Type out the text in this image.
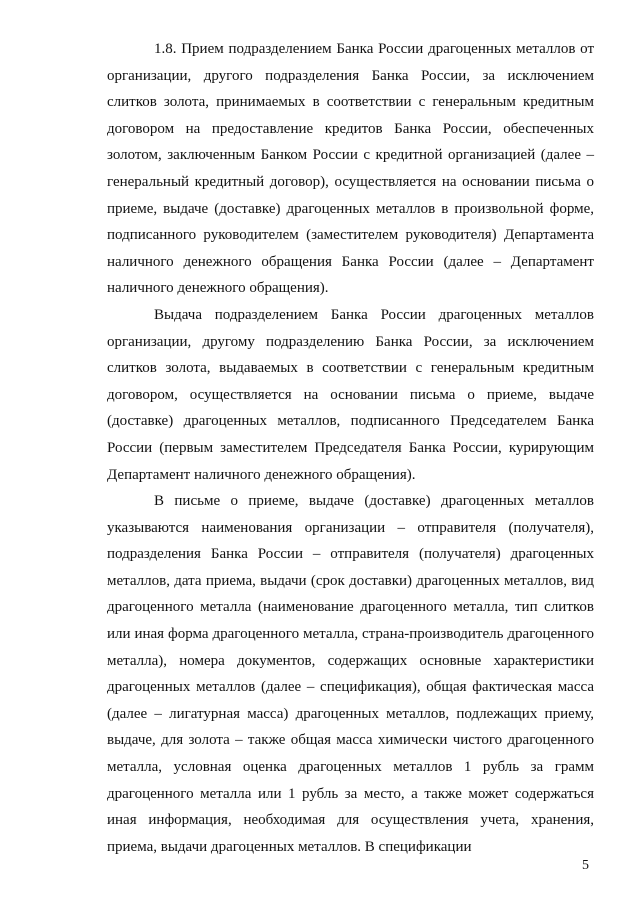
1.8. Прием подразделением Банка России драгоценных металлов от организации, другого подразделения Банка России, за исключением слитков золота, принимаемых в соответствии с генеральным кредитным договором на предоставление кредитов Банка России, обеспеченных золотом, заключенным Банком России с кредитной организацией (далее – генеральный кредитный договор), осуществляется на основании письма о приеме, выдаче (доставке) драгоценных металлов в произвольной форме, подписанного руководителем (заместителем руководителя) Департамента наличного денежного обращения Банка России (далее – Департамент наличного денежного обращения).

Выдача подразделением Банка России драгоценных металлов организации, другому подразделению Банка России, за исключением слитков золота, выдаваемых в соответствии с генеральным кредитным договором, осуществляется на основании письма о приеме, выдаче (доставке) драгоценных металлов, подписанного Председателем Банка России (первым заместителем Председателя Банка России, курирующим Департамент наличного денежного обращения).

В письме о приеме, выдаче (доставке) драгоценных металлов указываются наименования организации – отправителя (получателя), подразделения Банка России – отправителя (получателя) драгоценных металлов, дата приема, выдачи (срок доставки) драгоценных металлов, вид драгоценного металла (наименование драгоценного металла, тип слитков или иная форма драгоценного металла, страна-производитель драгоценного металла), номера документов, содержащих основные характеристики драгоценных металлов (далее – спецификация), общая фактическая масса (далее – лигатурная масса) драгоценных металлов, подлежащих приему, выдаче, для золота – также общая масса химически чистого драгоценного металла, условная оценка драгоценных металлов 1 рубль за грамм драгоценного металла или 1 рубль за место, а также может содержаться иная информация, необходимая для осуществления учета, хранения, приема, выдачи драгоценных металлов. В спецификации

5
